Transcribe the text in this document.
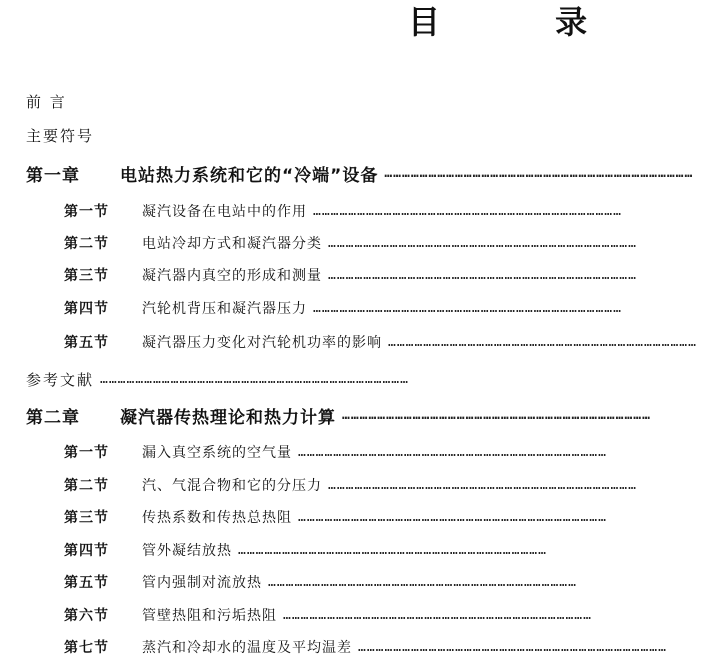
目 录
前 言
主要符号
第一章 电站热力系统和它的“冷端”设备 ……………………………………………………………………………………………
第一节 凝汽设备在电站中的作用 ……………………………………………………………………………………………
第二节 电站冷却方式和凝汽器分类 ……………………………………………………………………………………………
第三节 凝汽器内真空的形成和测量 ……………………………………………………………………………………………
第四节 汽轮机背压和凝汽器压力 ……………………………………………………………………………………………
第五节 凝汽器压力变化对汽轮机功率的影响 ……………………………………………………………………………………………
参考文献 ……………………………………………………………………………………………
第二章 凝汽器传热理论和热力计算 ……………………………………………………………………………………………
第一节 漏入真空系统的空气量 ……………………………………………………………………………………………
第二节 汽、气混合物和它的分压力 ……………………………………………………………………………………………
第三节 传热系数和传热总热阻 ……………………………………………………………………………………………
第四节 管外凝结放热 ……………………………………………………………………………………………
第五节 管内强制对流放热 ……………………………………………………………………………………………
第六节 管壁热阻和污垢热阻 ……………………………………………………………………………………………
第七节 蒸汽和冷却水的温度及平均温差 ……………………………………………………………………………………………
